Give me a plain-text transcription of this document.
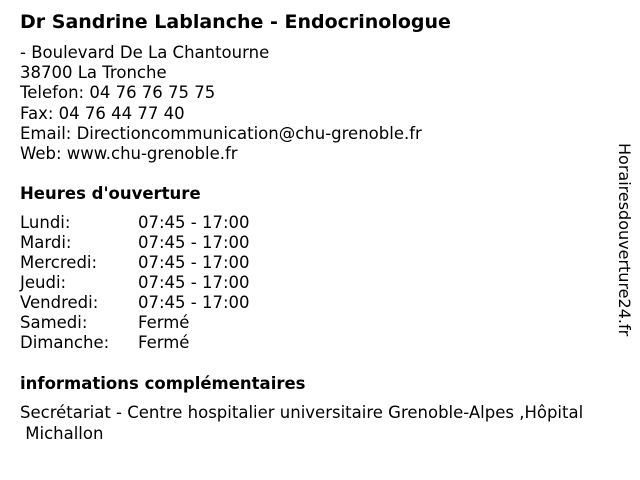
Dr Sandrine Lablanche - Endocrinologue
- Boulevard De La Chantourne
38700 La Tronche
Telefon: 04 76 76 75 75
Fax: 04 76 44 77 40
Email: Directioncommunication@chu-grenoble.fr
Web: www.chu-grenoble.fr
Heures d'ouverture
Lundi:	07:45 - 17:00
Mardi:	07:45 - 17:00
Mercredi: 07:45 - 17:00
Jeudi:	07:45 - 17:00
Vendredi: 07:45 - 17:00
Samedi:	Fermé
Dimanche: Fermé
informations complémentaires
Secrétariat - Centre hospitalier universitaire Grenoble-Alpes ,Hôpital
Michallon
Horairesdouverture24.fr
